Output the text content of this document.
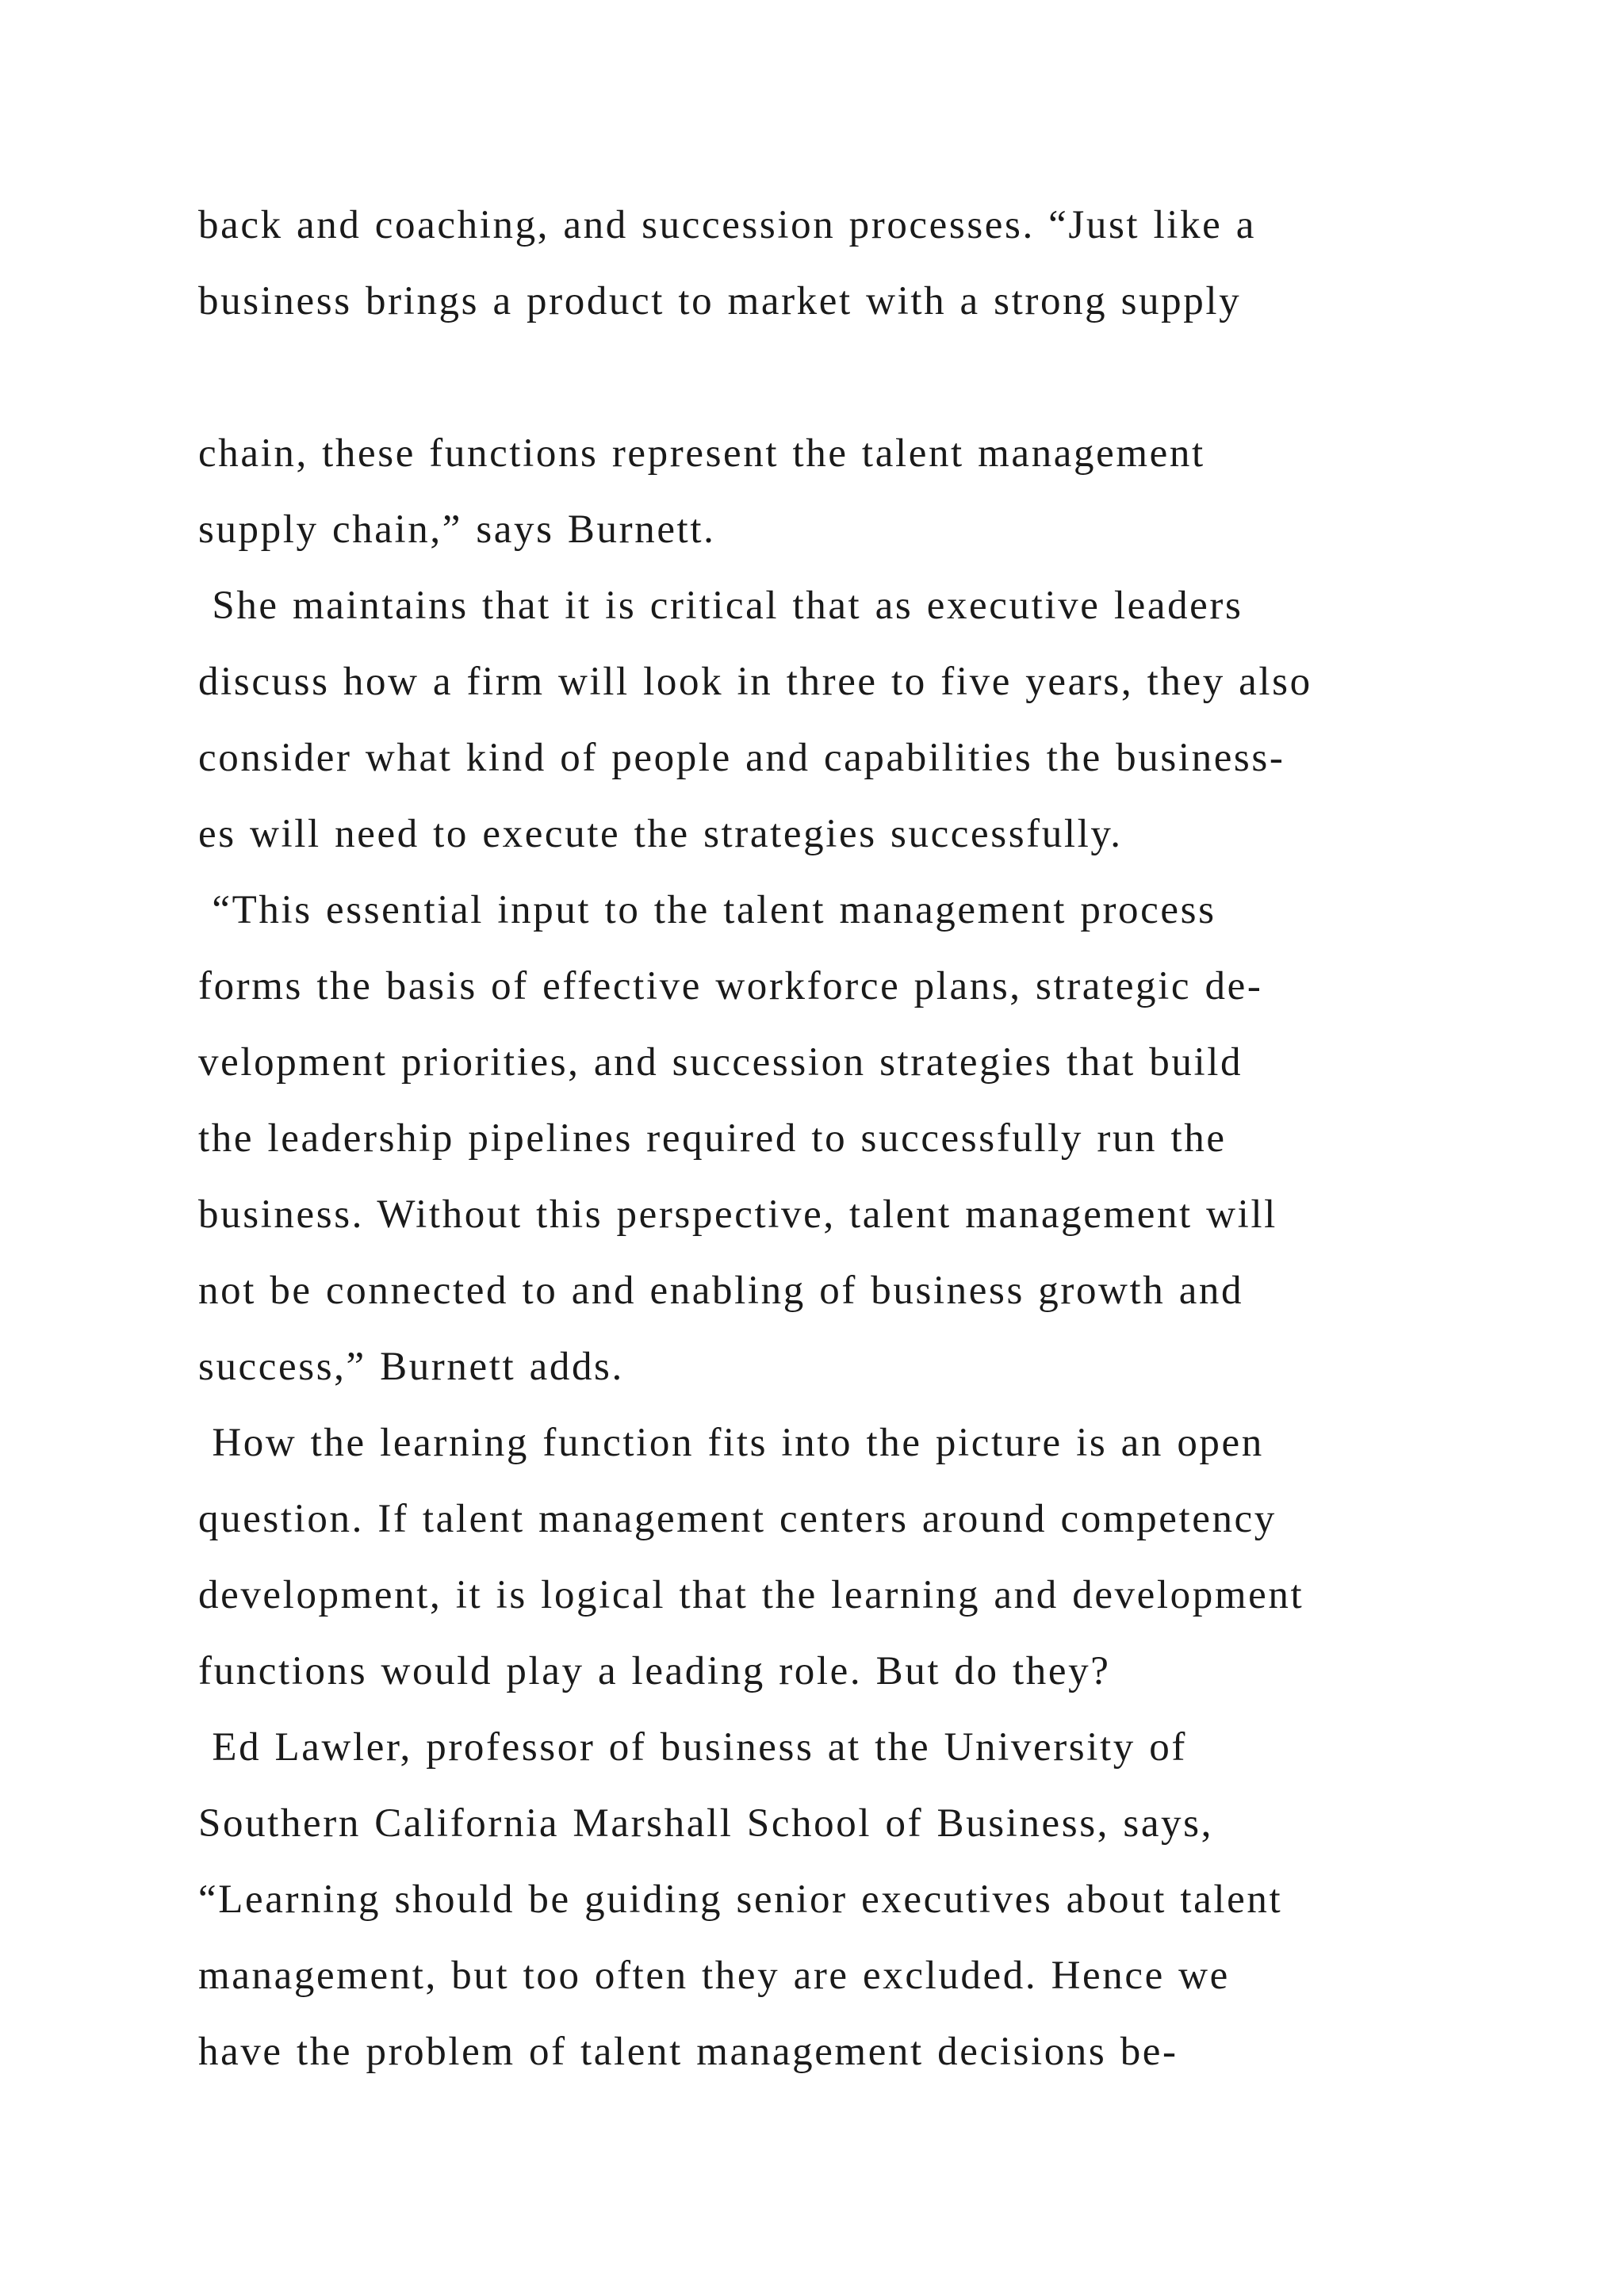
back and coaching, and succession processes. “Just like a
business brings a product to market with a strong supply
chain, these functions represent the talent management
supply chain,” says Burnett.
She maintains that it is critical that as executive leaders
discuss how a firm will look in three to five years, they also
consider what kind of people and capabilities the business-
es will need to execute the strategies successfully.
“This essential input to the talent management process
forms the basis of effective workforce plans, strategic de-
velopment priorities, and succession strategies that build
the leadership pipelines required to successfully run the
business. Without this perspective, talent management will
not be connected to and enabling of business growth and
success,” Burnett adds.
How the learning function fits into the picture is an open
question. If talent management centers around competency
development, it is logical that the learning and development
functions would play a leading role. But do they?
Ed Lawler, professor of business at the University of
Southern California Marshall School of Business, says,
“Learning should be guiding senior executives about talent
management, but too often they are excluded. Hence we
have the problem of talent management decisions be-
